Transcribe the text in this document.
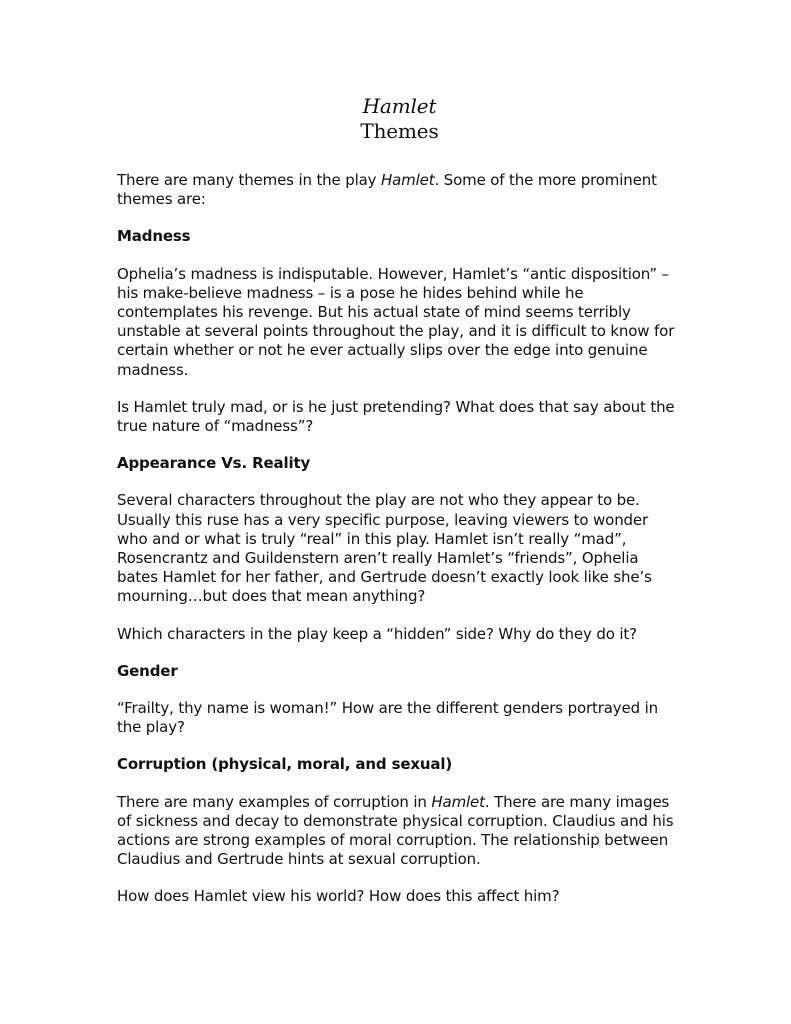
Hamlet
Themes

There are many themes in the play Hamlet. Some of the more prominent themes are:

Madness

Ophelia’s madness is indisputable. However, Hamlet’s “antic disposition” – his make-believe madness – is a pose he hides behind while he contemplates his revenge. But his actual state of mind seems terribly unstable at several points throughout the play, and it is difficult to know for certain whether or not he ever actually slips over the edge into genuine madness.

Is Hamlet truly mad, or is he just pretending? What does that say about the true nature of “madness”?

Appearance Vs. Reality

Several characters throughout the play are not who they appear to be. Usually this ruse has a very specific purpose, leaving viewers to wonder who and or what is truly “real” in this play. Hamlet isn’t really “mad”, Rosencrantz and Guildenstern aren’t really Hamlet’s “friends”, Ophelia bates Hamlet for her father, and Gertrude doesn’t exactly look like she’s mourning…but does that mean anything?

Which characters in the play keep a “hidden” side? Why do they do it?

Gender

“Frailty, thy name is woman!” How are the different genders portrayed in the play?

Corruption (physical, moral, and sexual)

There are many examples of corruption in Hamlet. There are many images of sickness and decay to demonstrate physical corruption. Claudius and his actions are strong examples of moral corruption. The relationship between Claudius and Gertrude hints at sexual corruption.

How does Hamlet view his world? How does this affect him?
